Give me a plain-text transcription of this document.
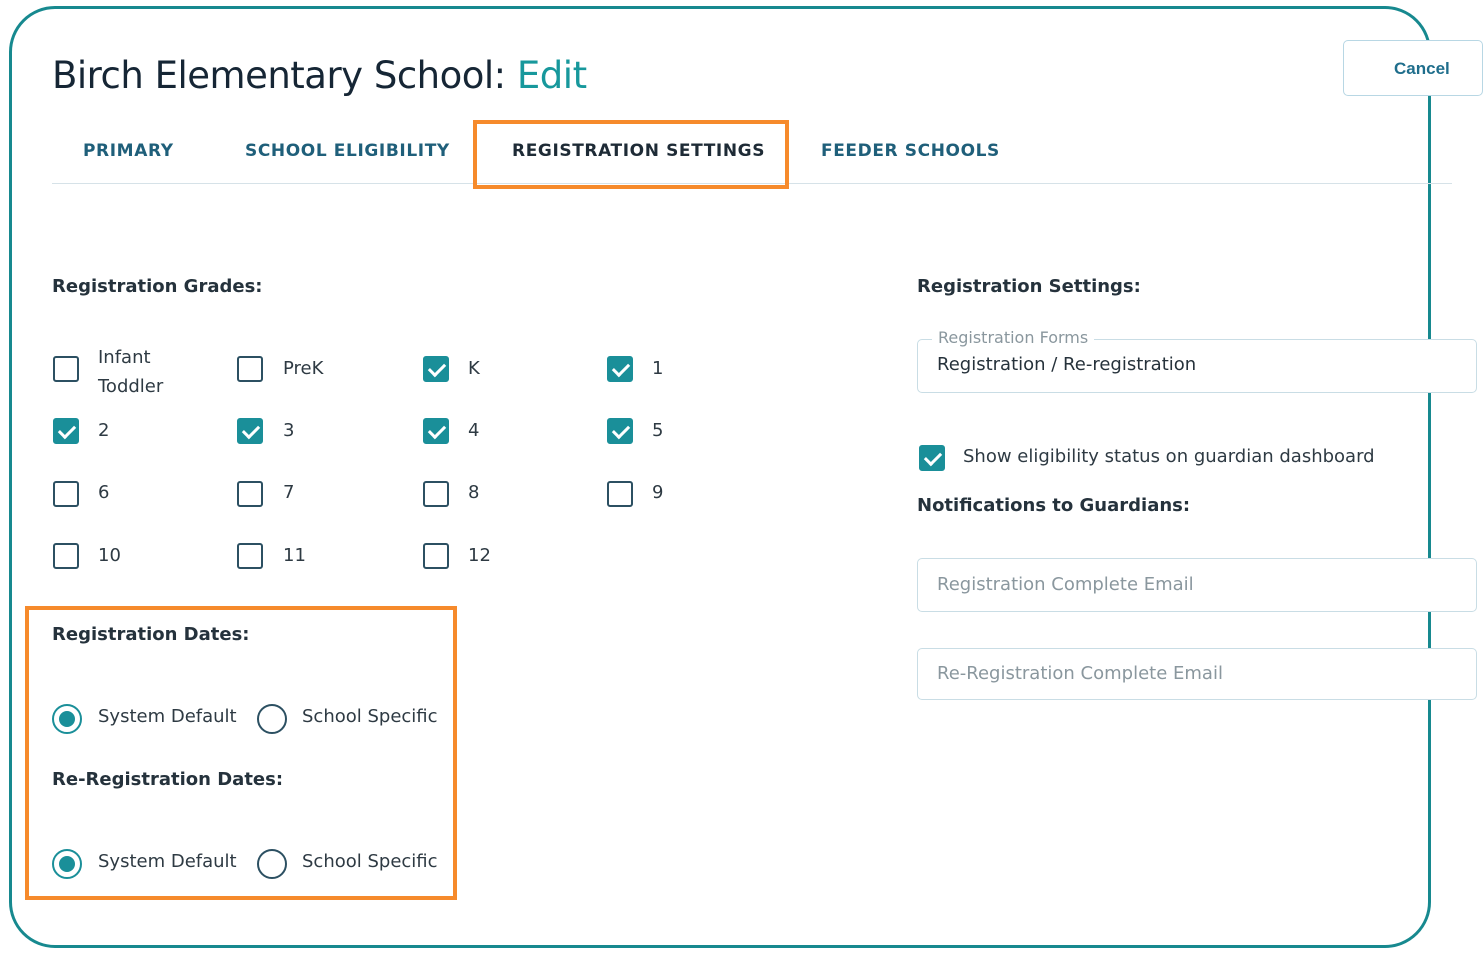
Birch Elementary School: Edit	Cancel
PRIMARY	SCHOOL ELIGIBILITY	REGISTRATION SETTINGS	FEEDER SCHOOLS
Registration Grades:
Infant
Toddler
PreK	K	1
2	3	4	5
6	7	8	9
10	11	12
Registration Dates:
System Default	School Specific
Re-Registration Dates:
System Default	School Specific
Registration Settings:
Registration Forms
Registration / Re-registration
Show eligibility status on guardian dashboard
Notifications to Guardians:
Registration Complete Email
Re-Registration Complete Email
